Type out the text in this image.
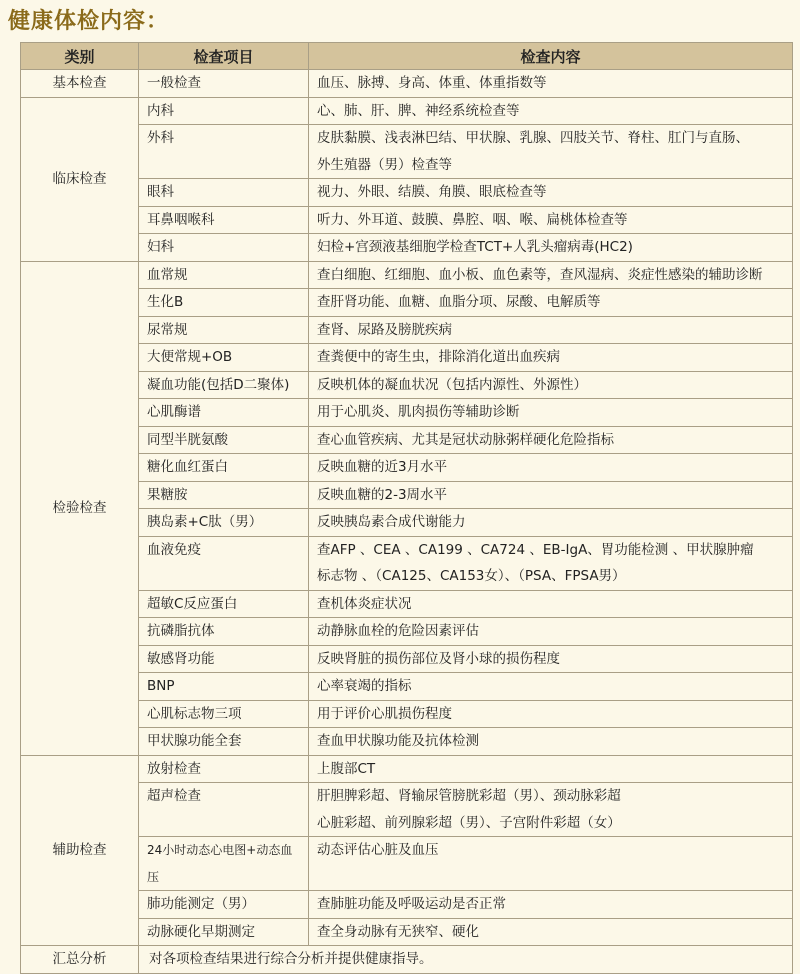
健康体检内容：
类别	检查项目	检查内容
基本检查	一般检查	血压、脉搏、身高、体重、体重指数等

临床检查	内科	心、肺、肝、脾、神经系统检查等

	外科	皮肤黏膜、浅表淋巴结、甲状腺、乳腺、四肢关节、脊柱、肛门与直肠、
外生殖器（男）检查等

	眼科	视力、外眼、结膜、角膜、眼底检查等

	耳鼻咽喉科	听力、外耳道、鼓膜、鼻腔、咽、喉、扁桃体检查等

	妇科	妇检+宫颈液基细胞学检查TCT+人乳头瘤病毒(HC2)

检验检查	血常规	查白细胞、红细胞、血小板、血色素等，查风湿病、炎症性感染的辅助诊断

	生化B	查肝肾功能、血糖、血脂分项、尿酸、电解质等

	尿常规	查肾、尿路及膀胱疾病

	大便常规+OB	查粪便中的寄生虫，排除消化道出血疾病

	凝血功能(包括D二聚体)	反映机体的凝血状况（包括内源性、外源性）

	心肌酶谱	用于心肌炎、肌肉损伤等辅助诊断

	同型半胱氨酸	查心血管疾病、尤其是冠状动脉粥样硬化危险指标

	糖化血红蛋白	反映血糖的近3月水平

	果糖胺	反映血糖的2-3周水平

	胰岛素+C肽（男）	反映胰岛素合成代谢能力

	血液免疫	查AFP 、CEA 、CA199 、CA724 、EB-IgA、胃功能检测 、甲状腺肿瘤
标志物 、（CA125、CA153女）、（PSA、FPSA男）

	超敏C反应蛋白	查机体炎症状况

	抗磷脂抗体	动静脉血栓的危险因素评估

	敏感肾功能	反映肾脏的损伤部位及肾小球的损伤程度

	BNP	心率衰竭的指标

	心肌标志物三项	用于评价心肌损伤程度

	甲状腺功能全套	查血甲状腺功能及抗体检测

辅助检查	放射检查	上腹部CT

	超声检查	肝胆脾彩超、肾输尿管膀胱彩超（男）、颈动脉彩超
心脏彩超、前列腺彩超（男）、子宫附件彩超（女）

	24小时动态心电图+动态血压	动态评估心脏及血压

	肺功能测定（男）	查肺脏功能及呼吸运动是否正常

	动脉硬化早期测定	查全身动脉有无狭窄、硬化

汇总分析	对各项检查结果进行综合分析并提供健康指导。	
